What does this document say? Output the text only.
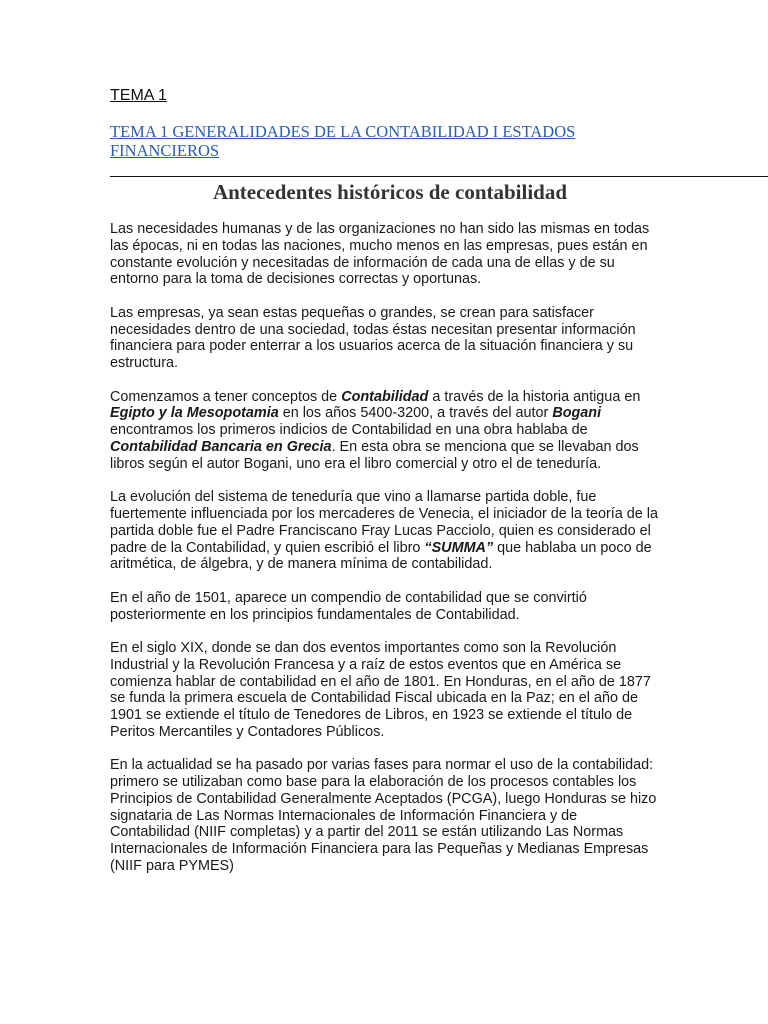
TEMA 1
TEMA 1 GENERALIDADES DE LA CONTABILIDAD I ESTADOS FINANCIEROS
Antecedentes históricos de contabilidad

Las necesidades humanas y de las organizaciones no han sido las mismas en todas las épocas, ni en todas las naciones, mucho menos en las empresas, pues están en constante evolución y necesitadas de información de cada una de ellas y de su entorno para la toma de decisiones correctas y oportunas.

Las empresas, ya sean estas pequeñas o grandes, se crean para satisfacer necesidades dentro de una sociedad, todas éstas necesitan presentar información financiera para poder enterrar a los usuarios acerca de la situación financiera y su estructura.

Comenzamos a tener conceptos de Contabilidad a través de la historia antigua en Egipto y la Mesopotamia en los años 5400-3200, a través del autor Bogani encontramos los primeros indicios de Contabilidad en una obra hablaba de Contabilidad Bancaria en Grecia. En esta obra se menciona que se llevaban dos libros según el autor Bogani, uno era el libro comercial y otro el de teneduría.

La evolución del sistema de teneduría que vino a llamarse partida doble, fue fuertemente influenciada por los mercaderes de Venecia, el iniciador de la teoría de la partida doble fue el Padre Franciscano Fray Lucas Pacciolo, quien es considerado el padre de la Contabilidad, y quien escribió el libro “SUMMA” que hablaba un poco de aritmética, de álgebra, y de manera mínima de contabilidad.

En el año de 1501, aparece un compendio de contabilidad que se convirtió posteriormente en los principios fundamentales de Contabilidad.

En el siglo XIX, donde se dan dos eventos importantes como son la Revolución Industrial y la Revolución Francesa y a raíz de estos eventos que en América se comienza hablar de contabilidad en el año de 1801. En Honduras, en el año de 1877 se funda la primera escuela de Contabilidad Fiscal ubicada en la Paz; en el año de 1901 se extiende el título de Tenedores de Libros, en 1923 se extiende el título de Peritos Mercantiles y Contadores Públicos.

En la actualidad se ha pasado por varias fases para normar el uso de la contabilidad: primero se utilizaban como base para la elaboración de los procesos contables los Principios de Contabilidad Generalmente Aceptados (PCGA), luego Honduras se hizo signataria de Las Normas Internacionales de Información Financiera y de Contabilidad (NIIF completas) y a partir del 2011 se están utilizando Las Normas Internacionales de Información Financiera para las Pequeñas y Medianas Empresas (NIIF para PYMES)
